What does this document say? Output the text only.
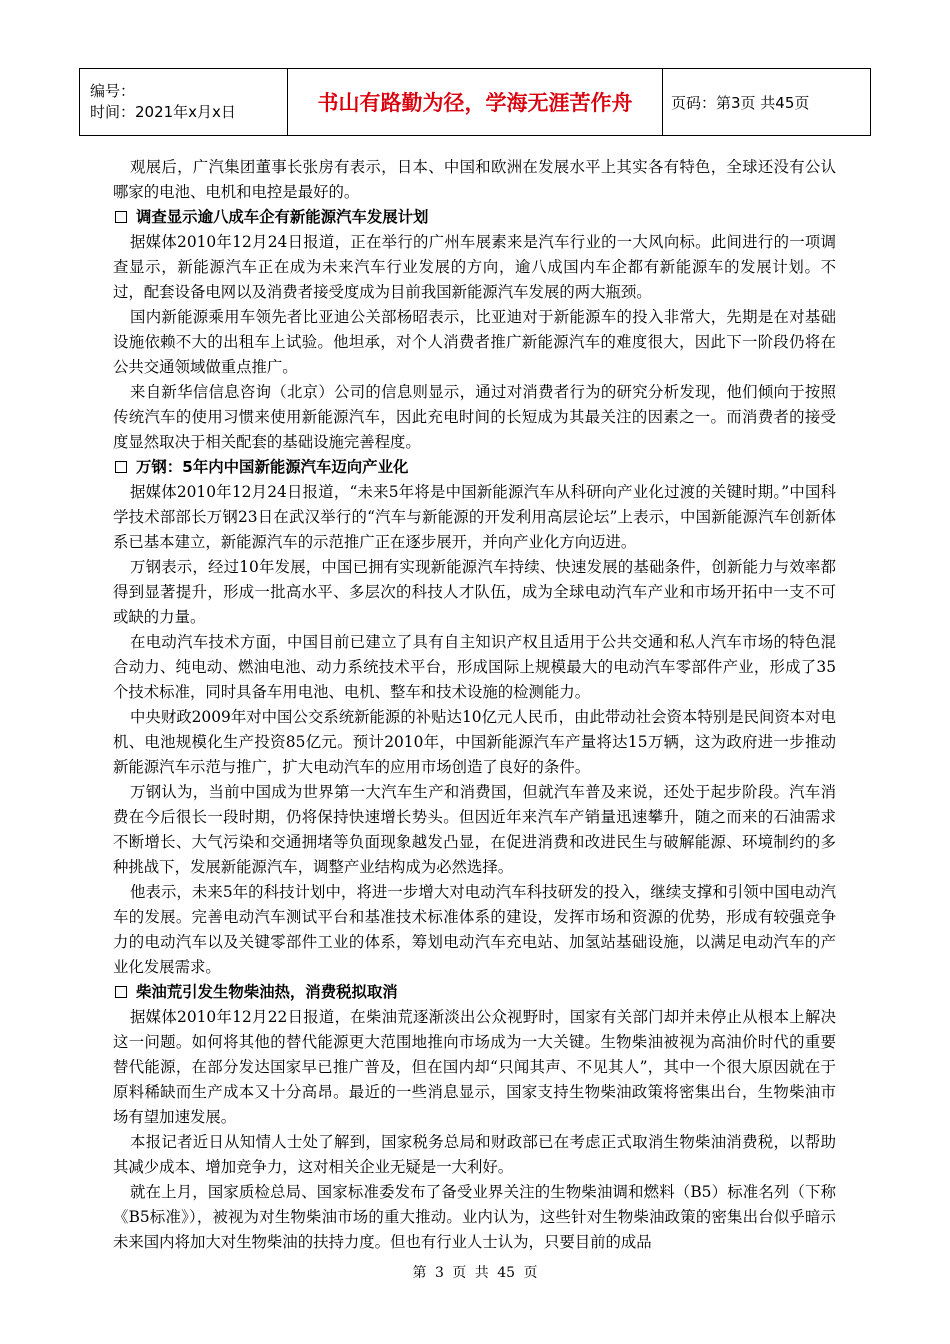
编号：
时间：2021年x月x日	书山有路勤为径，学海无涯苦作舟	页码：第3页 共45页
观展后，广汽集团董事长张房有表示，日本、中国和欧洲在发展水平上其实各有特色，全球还没有公认哪家的电池、电机和电控是最好的。
调查显示逾八成车企有新能源汽车发展计划
据媒体2010年12月24日报道，正在举行的广州车展素来是汽车行业的一大风向标。此间进行的一项调查显示，新能源汽车正在成为未来汽车行业发展的方向，逾八成国内车企都有新能源车的发展计划。不过，配套设备电网以及消费者接受度成为目前我国新能源汽车发展的两大瓶颈。
国内新能源乘用车领先者比亚迪公关部杨昭表示，比亚迪对于新能源车的投入非常大，先期是在对基础设施依赖不大的出租车上试验。他坦承，对个人消费者推广新能源汽车的难度很大，因此下一阶段仍将在公共交通领域做重点推广。
来自新华信信息咨询（北京）公司的信息则显示，通过对消费者行为的研究分析发现，他们倾向于按照传统汽车的使用习惯来使用新能源汽车，因此充电时间的长短成为其最关注的因素之一。而消费者的接受度显然取决于相关配套的基础设施完善程度。
万钢：5年内中国新能源汽车迈向产业化
据媒体2010年12月24日报道，“未来5年将是中国新能源汽车从科研向产业化过渡的关键时期。”中国科学技术部部长万钢23日在武汉举行的“汽车与新能源的开发利用高层论坛”上表示，中国新能源汽车创新体系已基本建立，新能源汽车的示范推广正在逐步展开，并向产业化方向迈进。
万钢表示，经过10年发展，中国已拥有实现新能源汽车持续、快速发展的基础条件，创新能力与效率都得到显著提升，形成一批高水平、多层次的科技人才队伍，成为全球电动汽车产业和市场开拓中一支不可或缺的力量。
在电动汽车技术方面，中国目前已建立了具有自主知识产权且适用于公共交通和私人汽车市场的特色混合动力、纯电动、燃油电池、动力系统技术平台，形成国际上规模最大的电动汽车零部件产业，形成了35个技术标准，同时具备车用电池、电机、整车和技术设施的检测能力。
中央财政2009年对中国公交系统新能源的补贴达10亿元人民币，由此带动社会资本特别是民间资本对电机、电池规模化生产投资85亿元。预计2010年，中国新能源汽车产量将达15万辆，这为政府进一步推动新能源汽车示范与推广，扩大电动汽车的应用市场创造了良好的条件。
万钢认为，当前中国成为世界第一大汽车生产和消费国，但就汽车普及来说，还处于起步阶段。汽车消费在今后很长一段时期，仍将保持快速增长势头。但因近年来汽车产销量迅速攀升，随之而来的石油需求不断增长、大气污染和交通拥堵等负面现象越发凸显，在促进消费和改进民生与破解能源、环境制约的多种挑战下，发展新能源汽车，调整产业结构成为必然选择。
他表示，未来5年的科技计划中，将进一步增大对电动汽车科技研发的投入，继续支撑和引领中国电动汽车的发展。完善电动汽车测试平台和基准技术标准体系的建设，发挥市场和资源的优势，形成有较强竞争力的电动汽车以及关键零部件工业的体系，筹划电动汽车充电站、加氢站基础设施，以满足电动汽车的产业化发展需求。
柴油荒引发生物柴油热，消费税拟取消
据媒体2010年12月22日报道，在柴油荒逐渐淡出公众视野时，国家有关部门却并未停止从根本上解决这一问题。如何将其他的替代能源更大范围地推向市场成为一大关键。生物柴油被视为高油价时代的重要替代能源，在部分发达国家早已推广普及，但在国内却“只闻其声、不见其人”，其中一个很大原因就在于原料稀缺而生产成本又十分高昂。最近的一些消息显示，国家支持生物柴油政策将密集出台，生物柴油市场有望加速发展。
本报记者近日从知情人士处了解到，国家税务总局和财政部已在考虑正式取消生物柴油消费税，以帮助其减少成本、增加竞争力，这对相关企业无疑是一大利好。
就在上月，国家质检总局、国家标准委发布了备受业界关注的生物柴油调和燃料（B5）标准名列（下称《B5标准》），被视为对生物柴油市场的重大推动。业内认为，这些针对生物柴油政策的密集出台似乎暗示未来国内将加大对生物柴油的扶持力度。但也有行业人士认为，只要目前的成品
第 3 页 共 45 页
